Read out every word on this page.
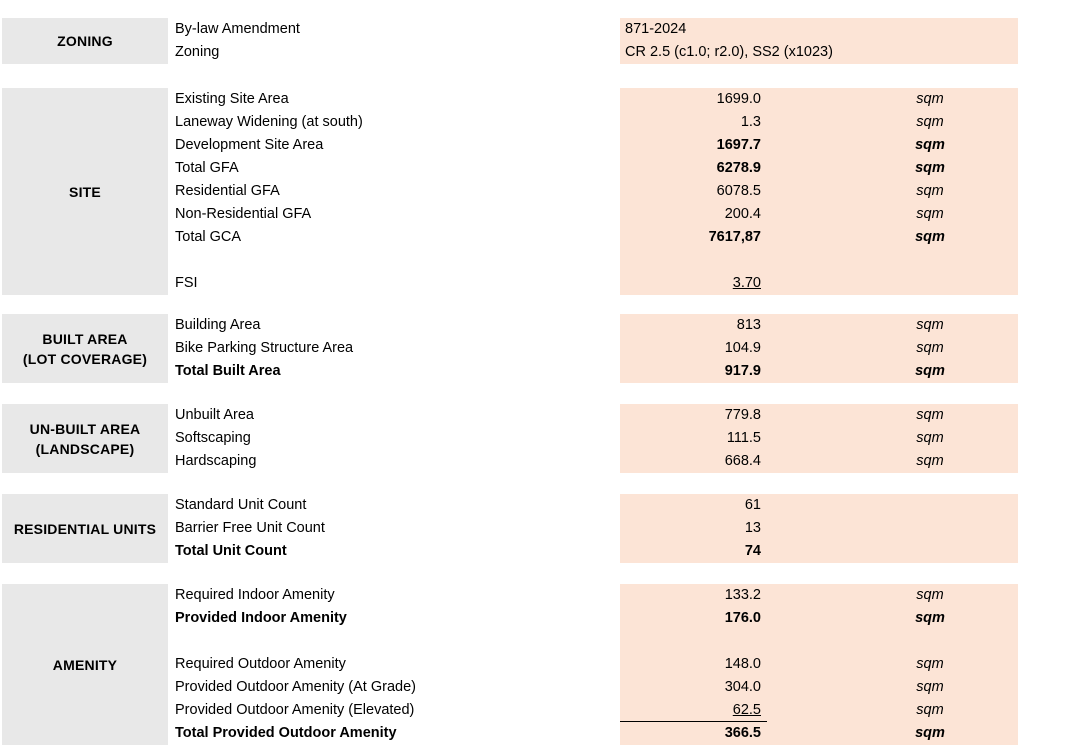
ZONING
By-law Amendment	871-2024
Zoning	CR 2.5 (c1.0; r2.0), SS2 (x1023)
SITE
Existing Site Area	1699.0	sqm
Laneway Widening (at south)	1.3	sqm
Development Site Area	1697.7	sqm
Total GFA	6278.9	sqm
Residential GFA	6078.5	sqm
Non-Residential GFA	200.4	sqm
Total GCA	7617,87	sqm
FSI	3.70
BUILT AREA
(LOT COVERAGE)
Building Area	813	sqm
Bike Parking Structure Area	104.9	sqm
Total Built Area	917.9	sqm
UN-BUILT AREA
(LANDSCAPE)
Unbuilt Area	779.8	sqm
Softscaping	111.5	sqm
Hardscaping	668.4	sqm
RESIDENTIAL UNITS
Standard Unit Count	61
Barrier Free Unit Count	13
Total Unit Count	74
AMENITY
Required Indoor Amenity	133.2	sqm
Provided Indoor Amenity	176.0	sqm
Required Outdoor Amenity	148.0	sqm
Provided Outdoor Amenity (At Grade)	304.0	sqm
Provided Outdoor Amenity (Elevated)	62.5	sqm
Total Provided Outdoor Amenity	366.5	sqm
